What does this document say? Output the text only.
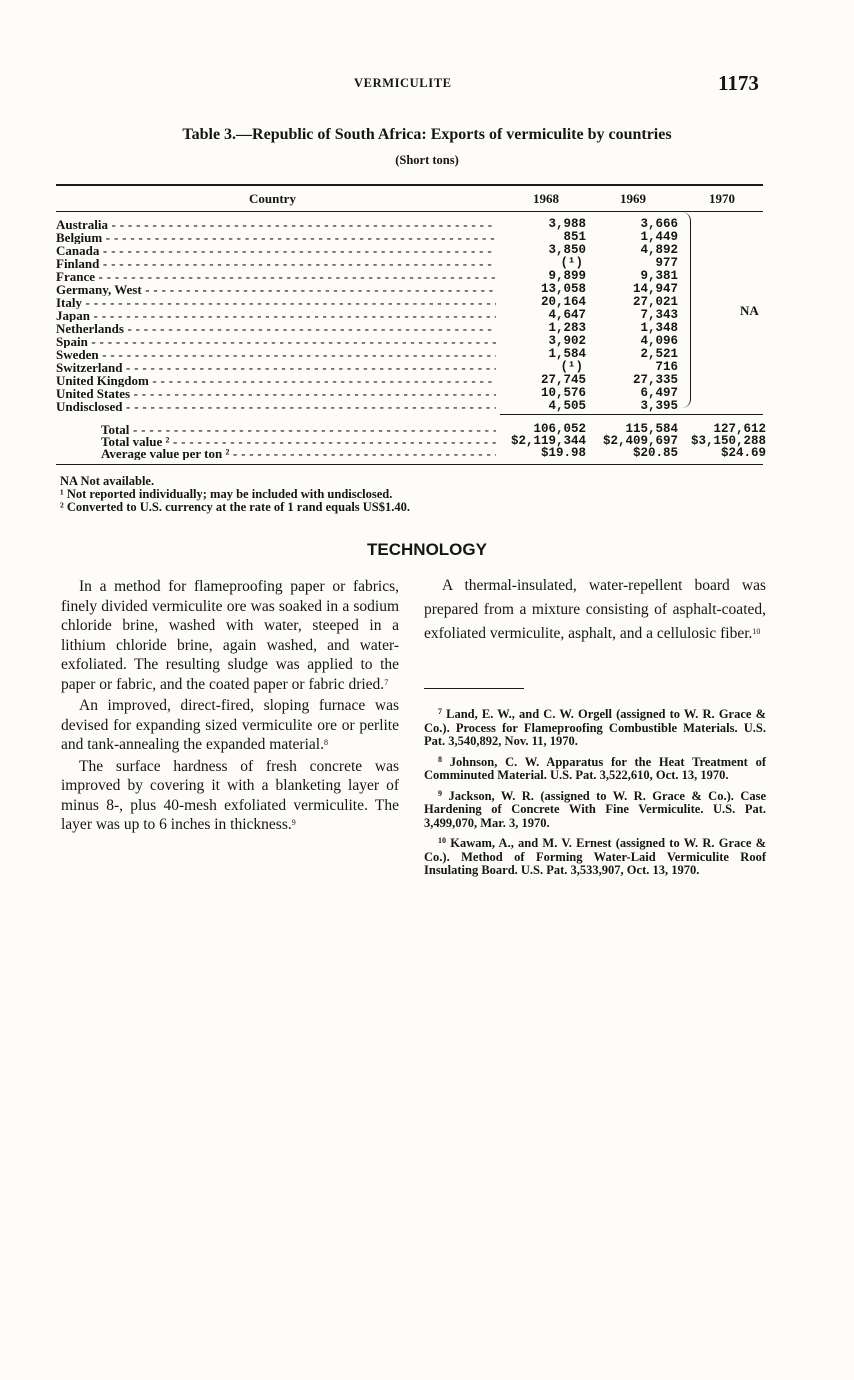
VERMICULITE	1173
Table 3.—Republic of South Africa: Exports of vermiculite by countries
(Short tons)
Country	1968	1969	1970
Australia - - -	3,988	3,666
Belgium - - -	851	1,449
Canada - - -	3,850	4,892
Finland - - -	(¹)	977
France - - -	9,899	9,381
Germany, West - - -	13,058	14,947
Italy - - -	20,164	27,021
Japan - - -	4,647	7,343
Netherlands - - -	1,283	1,348
Spain - - -	3,902	4,096
Sweden - - -	1,584	2,521
Switzerland - - -	(¹)	716
United Kingdom - - -	27,745	27,335
United States - - -	10,576	6,497
Undisclosed - - -	4,505	3,395
NA
Total - - -	106,052	115,584	127,612
Total value ² - - -	$2,119,344 $2,409,697 $3,150,288
Average value per ton ² - - -	$19.98	$20.85	$24.69
NA Not available.
¹ Not reported individually; may be included with undisclosed.
² Converted to U.S. currency at the rate of 1 rand equals US$1.40.
TECHNOLOGY

In a method for flameproofing paper or fabrics, finely divided vermiculite ore was soaked in a sodium chloride brine, washed with water, steeped in a lithium chloride brine, again washed, and water-exfoliated. The resulting sludge was applied to the paper or fabric, and the coated paper or fabric dried.$^7$

An improved, direct-fired, sloping furnace was devised for expanding sized vermiculite ore or perlite and tank-annealing the expanded material.$^8$

The surface hardness of fresh concrete was improved by covering it with a blanketing layer of minus 8-, plus 40-mesh exfoliated vermiculite. The layer was up to 6 inches in thickness.$^9$

A thermal-insulated, water-repellent board was prepared from a mixture consisting of asphalt-coated, exfoliated vermiculite, asphalt, and a cellulosic fiber.$^{10}$

$^7$ Land, E. W., and C. W. Orgell (assigned to W. R. Grace & Co.). Process for Flameproofing Combustible Materials. U.S. Pat. 3,540,892, Nov. 11, 1970.

$^8$ Johnson, C. W. Apparatus for the Heat Treatment of Comminuted Material. U.S. Pat. 3,522,610, Oct. 13, 1970.

$^9$ Jackson, W. R. (assigned to W. R. Grace & Co.). Case Hardening of Concrete With Fine Vermiculite. U.S. Pat. 3,499,070, Mar. 3, 1970.

$^{10}$ Kawam, A., and M. V. Ernest (assigned to W. R. Grace & Co.). Method of Forming Water-Laid Vermiculite Roof Insulating Board. U.S. Pat. 3,533,907, Oct. 13, 1970.
